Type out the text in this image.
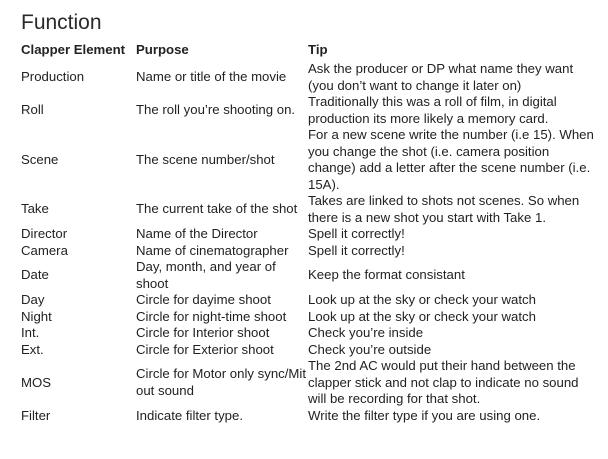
Function
Clapper Element	Purpose	Tip
Production	Name or title of the movie	Ask the producer or DP what name they want (you don’t want to change it later on)
Roll	The roll you’re shooting on.	Traditionally this was a roll of film, in digital production its more likely a memory card.
Scene	The scene number/shot	For a new scene write the number (i.e 15). When you change the shot (i.e. camera position change) add a letter after the scene number (i.e. 15A).
Take	The current take of the shot	Takes are linked to shots not scenes. So when there is a new shot you start with Take 1.
Director	Name of the Director	Spell it correctly!
Camera	Name of cinematographer	Spell it correctly!
Date	Day, month, and year of shoot	Keep the format consistant
Day	Circle for dayime shoot	Look up at the sky or check your watch
Night	Circle for night-time shoot	Look up at the sky or check your watch
Int.	Circle for Interior shoot	Check you’re inside
Ext.	Circle for Exterior shoot	Check you’re outside
MOS	Circle for Motor only sync/Mit out sound	The 2nd AC would put their hand between the clapper stick and not clap to indicate no sound will be recording for that shot.
Filter	Indicate filter type.	Write the filter type if you are using one.
